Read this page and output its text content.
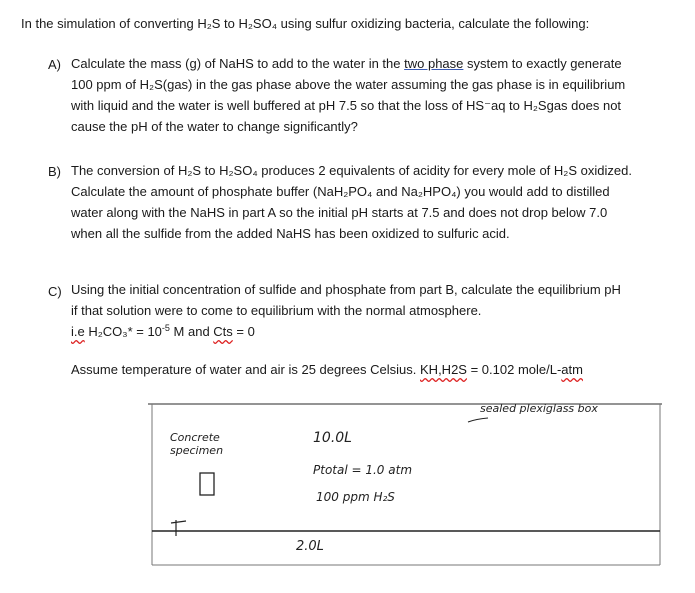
In the simulation of converting H₂S to H₂SO₄ using sulfur oxidizing bacteria, calculate the following:
A) Calculate the mass (g) of NaHS to add to the water in the two phase system to exactly generate
100 ppm of H₂S(gas) in the gas phase above the water assuming the gas phase is in equilibrium
with liquid and the water is well buffered at pH 7.5 so that the loss of HS⁻aq to H₂Sgas does not
cause the pH of the water to change significantly?
B) The conversion of H₂S to H₂SO₄ produces 2 equivalents of acidity for every mole of H₂S oxidized.
Calculate the amount of phosphate buffer (NaH₂PO₄ and Na₂HPO₄) you would add to distilled
water along with the NaHS in part A so the initial pH starts at 7.5 and does not drop below 7.0
when all the sulfide from the added NaHS has been oxidized to sulfuric acid.
C) Using the initial concentration of sulfide and phosphate from part B, calculate the equilibrium pH
if that solution were to come to equilibrium with the normal atmosphere.
i.e $H_2CO_3* = 10^{-5}$ M and Cts = 0
Assume temperature of water and air is 25 degrees Celsius. KH,H2S = 0.102 mole/L-atm
sealed plexiglass box
Concrete specimen
10.0L
Ptotal = 1.0 atm
100 ppm H₂S
2.0L
